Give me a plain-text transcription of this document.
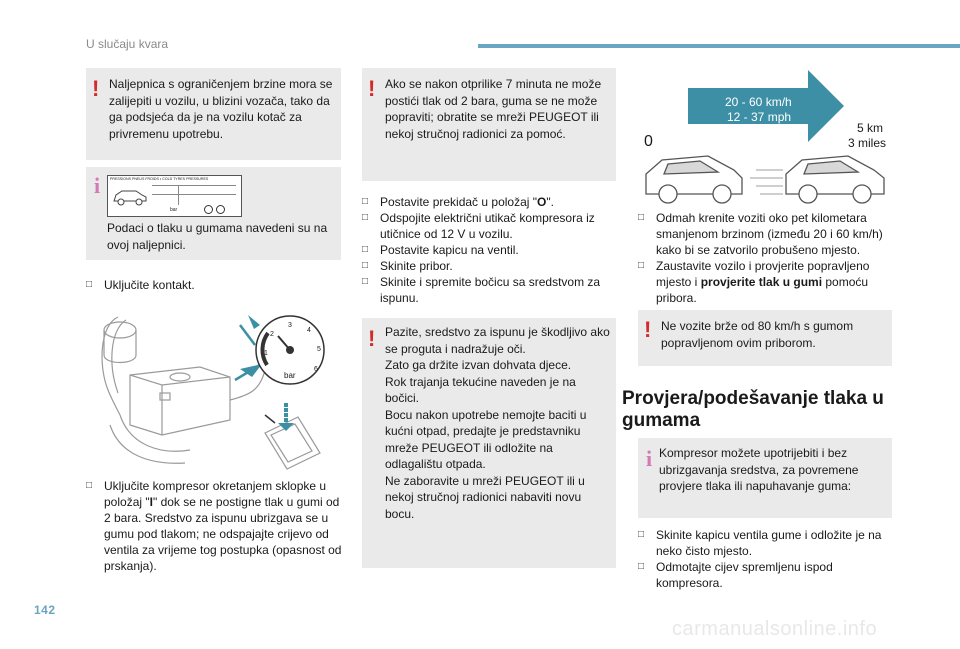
U slučaju kvara
! Naljepnica s ograničenjem brzine mora se zalijepiti u vozilu, u blizini vozača, tako da ga podsjeća da je na vozilu kotač za privremenu upotrebu.
i	PRESSIONS PNEUS FROIDS • COLD TYRES PRESSURES
bar
Podaci o tlaku u gumama navedeni su na ovoj naljepnici.
□ Uključite kontakt.
1
2
3
4
5
6
bar
□ Uključite kompresor okretanjem sklopke u položaj "I" dok se ne postigne tlak u gumi od 2 bara. Sredstvo za ispunu ubrizgava se u gumu pod tlakom; ne odspajajte crijevo od ventila za vrijeme tog postupka (opasnost od prskanja).
! Ako se nakon otprilike 7 minuta ne može postići tlak od 2 bara, guma se ne može popraviti; obratite se mreži PEUGEOT ili nekoj stručnoj radionici za pomoć.
□ Postavite prekidač u položaj "O".
□ Odspojite električni utikač kompresora iz utičnice od 12 V u vozilu.
□ Postavite kapicu na ventil.
□ Skinite pribor.
□ Skinite i spremite bočicu sa sredstvom za ispunu.
! Pazite, sredstvo za ispunu je škodljivo ako se proguta i nadražuje oči.
Zato ga držite izvan dohvata djece.
Rok trajanja tekućine naveden je na bočici.
Bocu nakon upotrebe nemojte baciti u kućni otpad, predajte je predstavniku mreže PEUGEOT ili odložite na odlagalištu otpada.
Ne zaboravite u mreži PEUGEOT ili u nekoj stručnoj radionici nabaviti novu bocu.
20 - 60 km/h
12 - 37 mph
0
5 km
3 miles
□ Odmah krenite voziti oko pet kilometara smanjenom brzinom (između 20 i 60 km/h) kako bi se zatvorilo probušeno mjesto.
□ Zaustavite vozilo i provjerite popravljeno mjesto i provjerite tlak u gumi pomoću pribora.
! Ne vozite brže od 80 km/h s gumom popravljenom ovim priborom.
Provjera/podešavanje tlaka u gumama
i Kompresor možete upotrijebiti i bez ubrizgavanja sredstva, za povremene provjere tlaka ili napuhavanje guma:
□ Skinite kapicu ventila gume i odložite je na neko čisto mjesto.
□ Odmotajte cijev spremljenu ispod kompresora.
142
carmanualsonline.info
